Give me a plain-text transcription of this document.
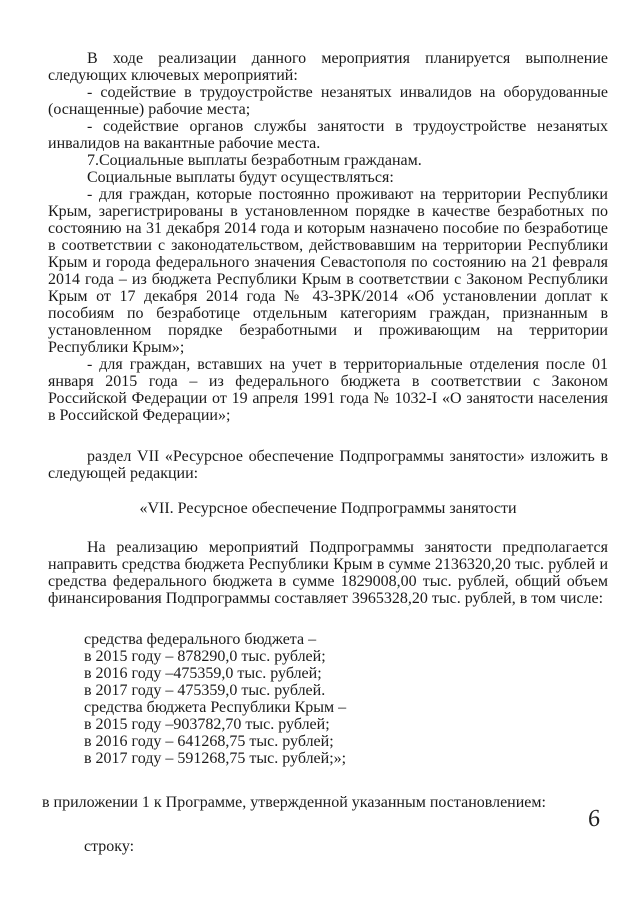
В ходе реализации данного мероприятия планируется выполнение следующих ключевых мероприятий:

- содействие в трудоустройстве незанятых инвалидов на оборудованные (оснащенные) рабочие места;

- содействие органов службы занятости в трудоустройстве незанятых инвалидов на вакантные рабочие места.

7.Социальные выплаты безработным гражданам.

Социальные выплаты будут осуществляться:

- для граждан, которые постоянно проживают на территории Республики Крым, зарегистрированы в установленном порядке в качестве безработных по состоянию на 31 декабря 2014 года и которым назначено пособие по безработице в соответствии с законодательством, действовавшим на территории Республики Крым и города федерального значения Севастополя по состоянию на 21 февраля 2014 года – из бюджета Республики Крым в соответствии с Законом Республики Крым от 17 декабря 2014 года № 43-ЗРК/2014 «Об установлении доплат к пособиям по безработице отдельным категориям граждан, признанным в установленном порядке безработными и проживающим на территории Республики Крым»;

- для граждан, вставших на учет в территориальные отделения после 01 января 2015 года – из федерального бюджета в соответствии с Законом Российской Федерации от 19 апреля 1991 года № 1032-I «О занятости населения в Российской Федерации»;

раздел VII «Ресурсное обеспечение Подпрограммы занятости» изложить в следующей редакции:

«VII. Ресурсное обеспечение Подпрограммы занятости

На реализацию мероприятий Подпрограммы занятости предполагается направить средства бюджета Республики Крым в сумме 2136320,20 тыс. рублей и средства федерального бюджета в сумме 1829008,00 тыс. рублей, общий объем финансирования Подпрограммы составляет 3965328,20 тыс. рублей, в том числе:

средства федерального бюджета –

в 2015 году – 878290,0 тыс. рублей;

в 2016 году –475359,0 тыс. рублей;

в 2017 году – 475359,0 тыс. рублей.

средства бюджета Республики Крым –

в 2015 году –903782,70 тыс. рублей;

в 2016 году – 641268,75 тыс. рублей;

в 2017 году – 591268,75 тыс. рублей;»;

в приложении 1 к Программе, утвержденной указанным постановлением:

строку:

6
